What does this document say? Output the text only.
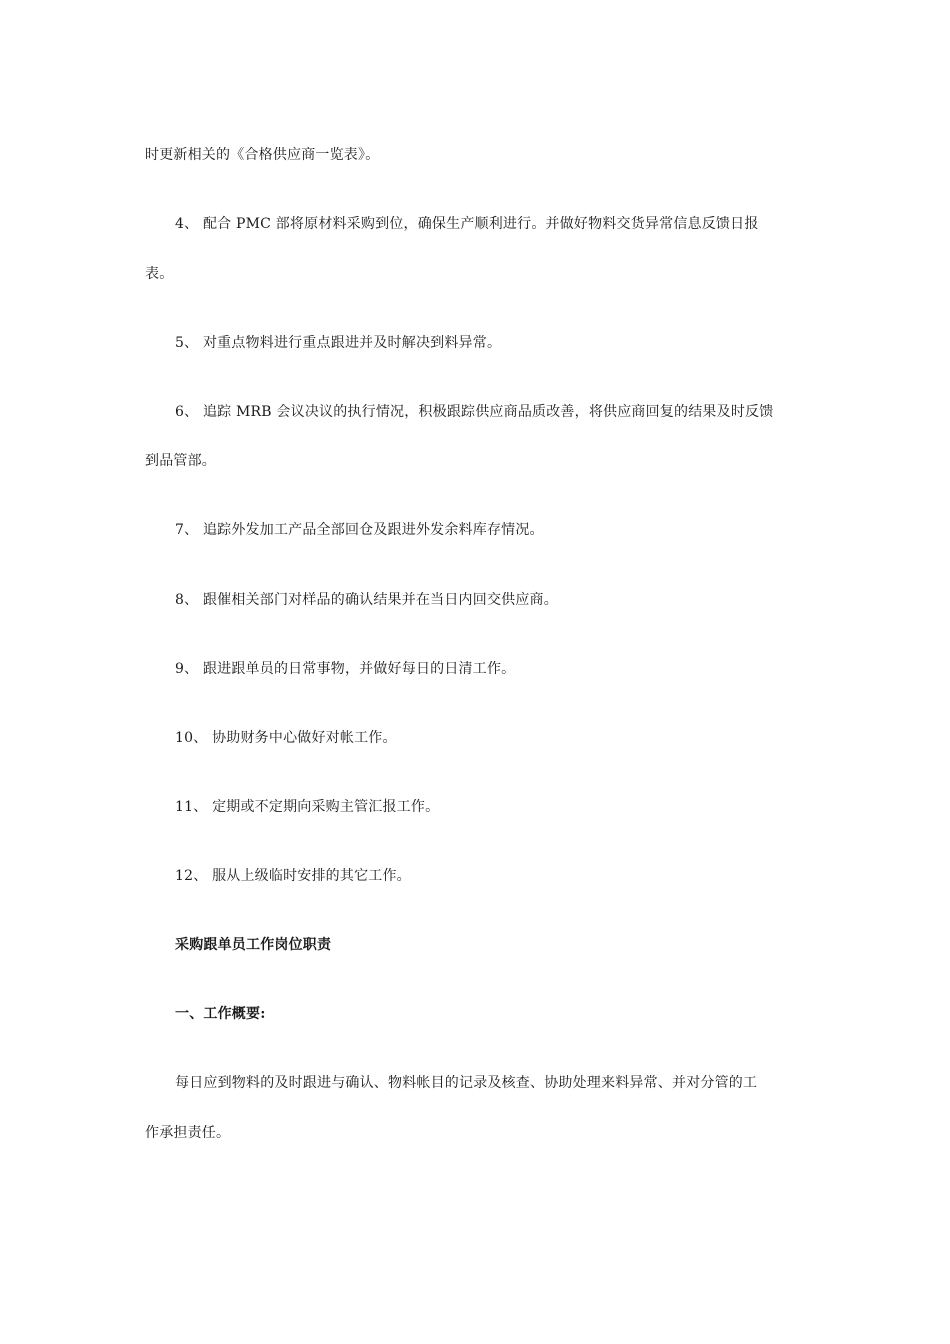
时更新相关的《合格供应商一览表》。
4、 配合 PMC 部将原材料采购到位，确保生产顺利进行。并做好物料交货异常信息反馈日报
表。
5、 对重点物料进行重点跟进并及时解决到料异常。
6、 追踪 MRB 会议决议的执行情况，积极跟踪供应商品质改善，将供应商回复的结果及时反馈
到品管部。
7、 追踪外发加工产品全部回仓及跟进外发余料库存情况。
8、 跟催相关部门对样品的确认结果并在当日内回交供应商。
9、 跟进跟单员的日常事物，并做好每日的日清工作。
10、 协助财务中心做好对帐工作。
11、 定期或不定期向采购主管汇报工作。
12、 服从上级临时安排的其它工作。
采购跟单员工作岗位职责
一、工作概要:
每日应到物料的及时跟进与确认、物料帐目的记录及核查、协助处理来料异常、并对分管的工
作承担责任。
